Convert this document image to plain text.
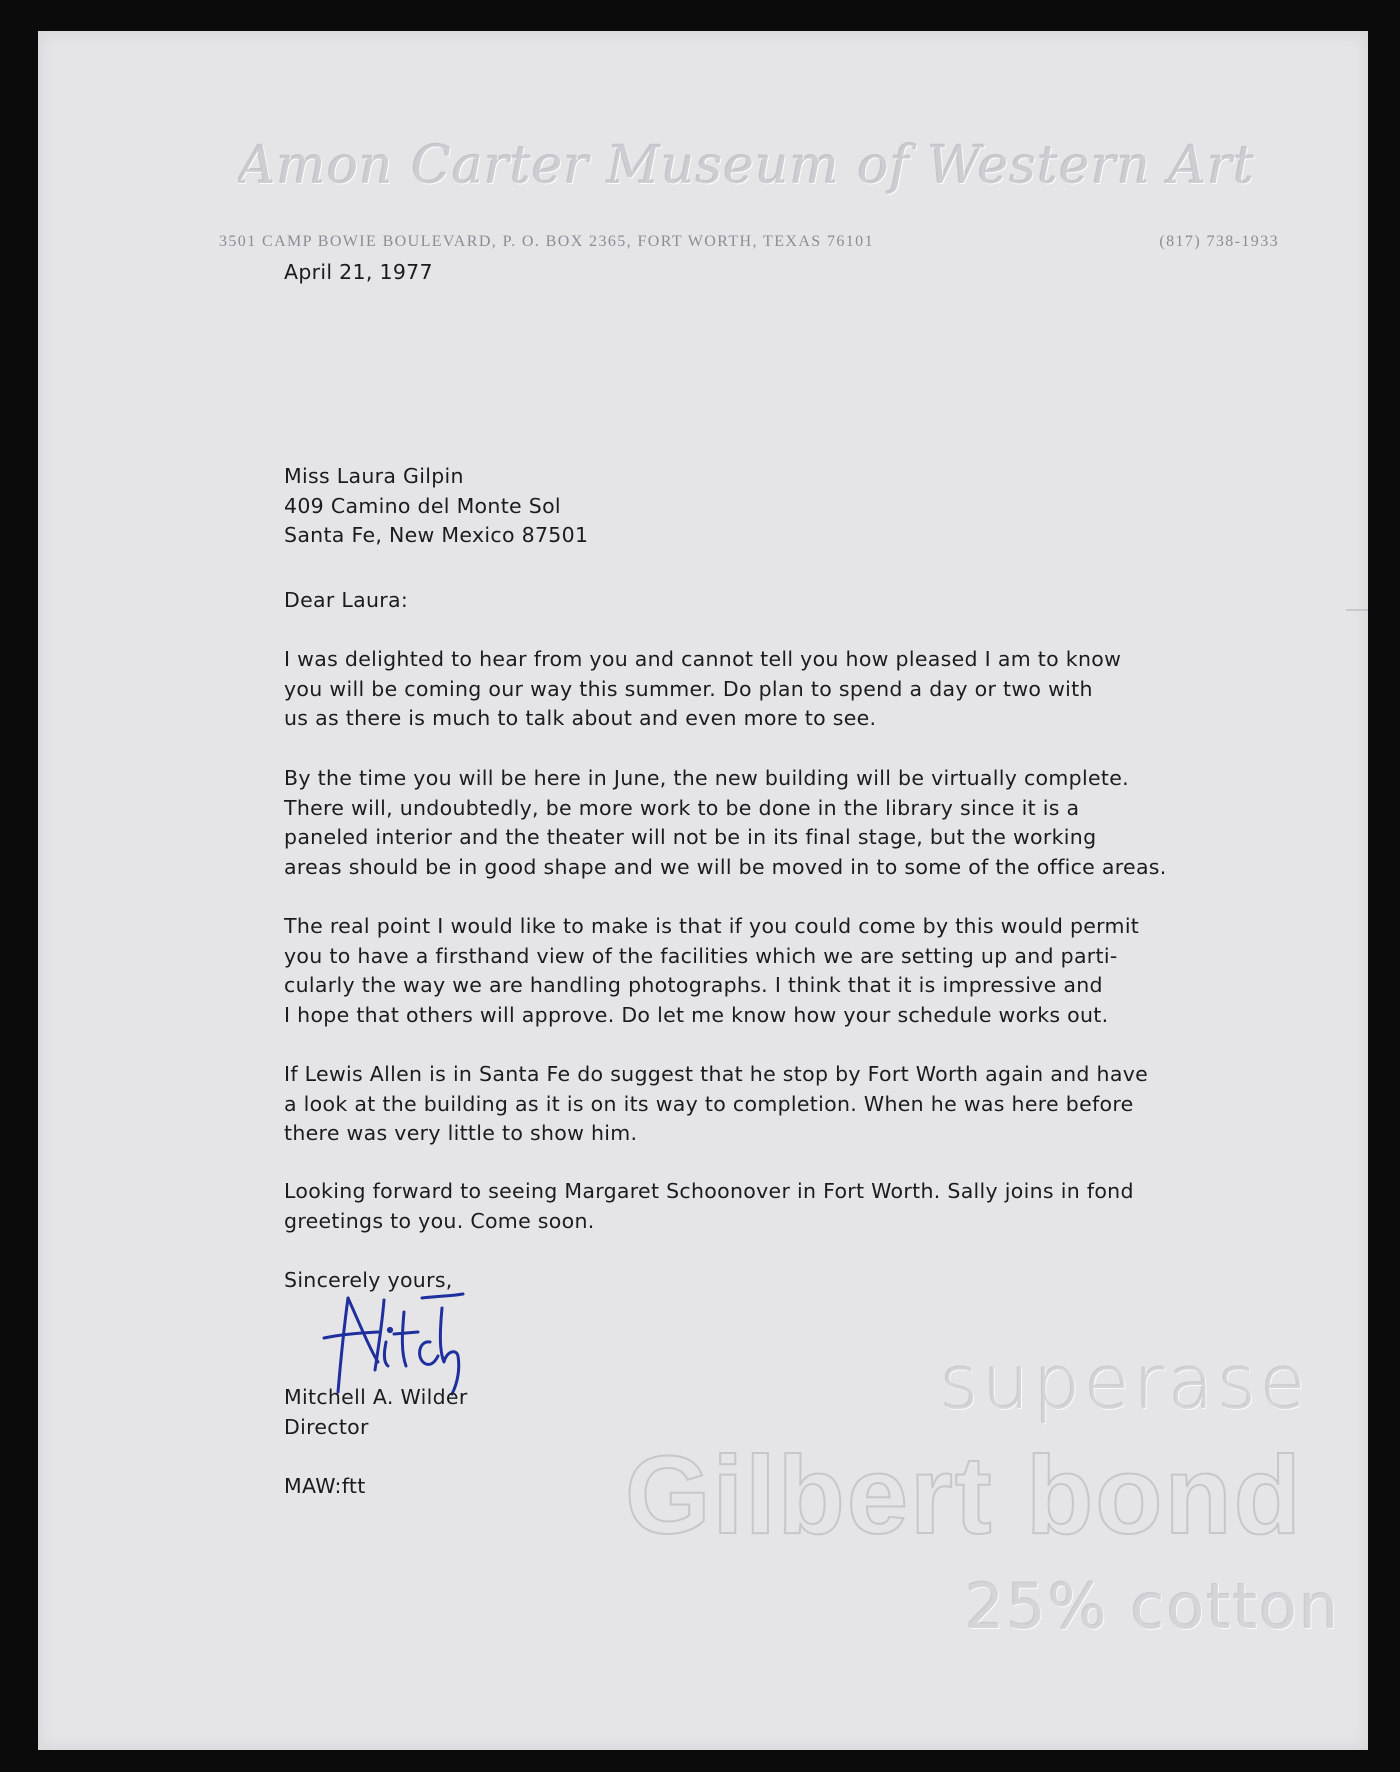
Amon Carter Museum of Western Art
3501 CAMP BOWIE BOULEVARD, P. O. BOX 2365, FORT WORTH, TEXAS 76101	(817) 738-1933
April 21, 1977
Miss Laura Gilpin
409 Camino del Monte Sol
Santa Fe, New Mexico 87501
Dear Laura:
I was delighted to hear from you and cannot tell you how pleased I am to know
you will be coming our way this summer. Do plan to spend a day or two with
us as there is much to talk about and even more to see.
By the time you will be here in June, the new building will be virtually complete.
There will, undoubtedly, be more work to be done in the library since it is a
paneled interior and the theater will not be in its final stage, but the working
areas should be in good shape and we will be moved in to some of the office areas.
The real point I would like to make is that if you could come by this would permit
you to have a firsthand view of the facilities which we are setting up and parti-
cularly the way we are handling photographs. I think that it is impressive and
I hope that others will approve. Do let me know how your schedule works out.
If Lewis Allen is in Santa Fe do suggest that he stop by Fort Worth again and have
a look at the building as it is on its way to completion. When he was here before
there was very little to show him.
Looking forward to seeing Margaret Schoonover in Fort Worth. Sally joins in fond
greetings to you. Come soon.
Sincerely yours,
Mitchell A. Wilder
Director
MAW:ftt
superase
Gilbert bond
25% cotton
